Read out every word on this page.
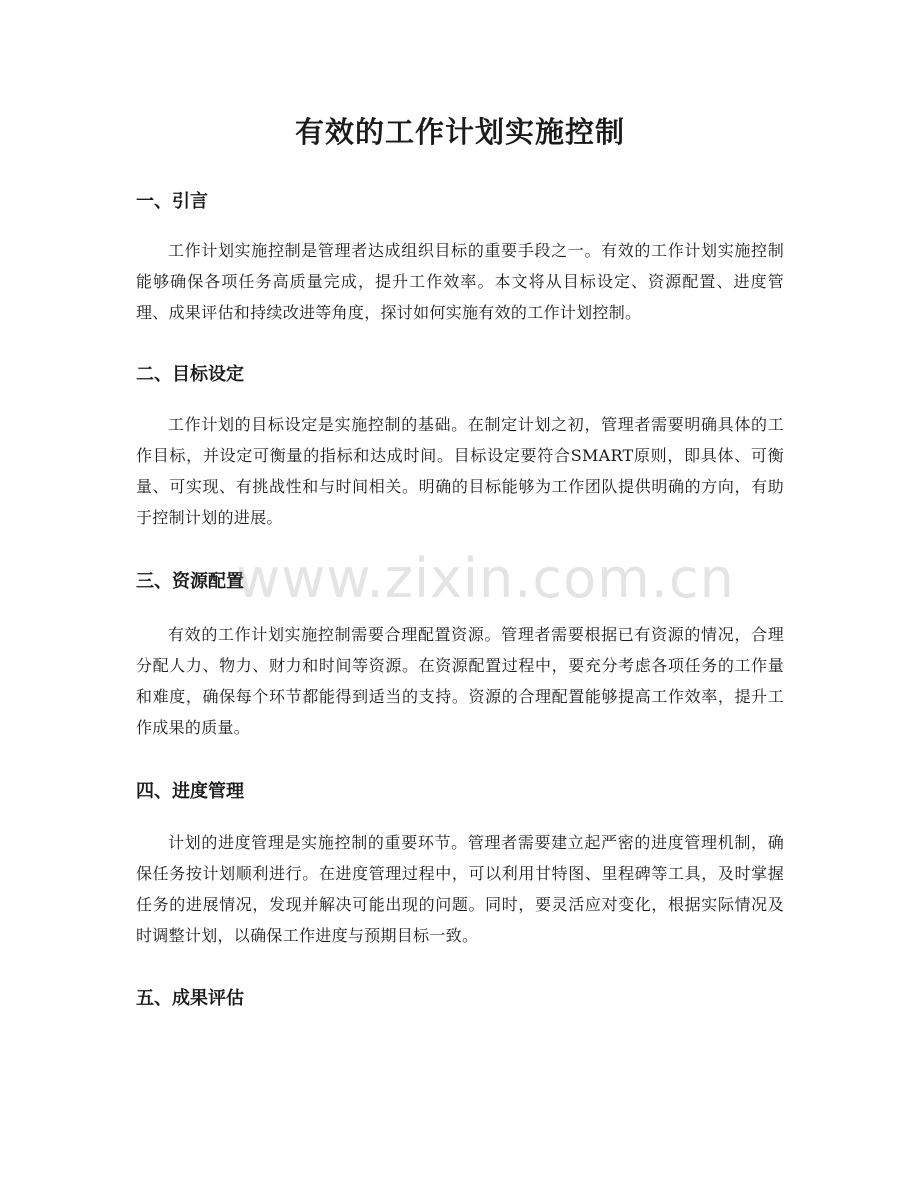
有效的工作计划实施控制
一、引言

工作计划实施控制是管理者达成组织目标的重要手段之一。有效的工作计划实施控制能够确保各项任务高质量完成，提升工作效率。本文将从目标设定、资源配置、进度管理、成果评估和持续改进等角度，探讨如何实施有效的工作计划控制。

二、目标设定

工作计划的目标设定是实施控制的基础。在制定计划之初，管理者需要明确具体的工作目标，并设定可衡量的指标和达成时间。目标设定要符合SMART原则，即具体、可衡量、可实现、有挑战性和与时间相关。明确的目标能够为工作团队提供明确的方向，有助于控制计划的进展。

三、资源配置

有效的工作计划实施控制需要合理配置资源。管理者需要根据已有资源的情况，合理分配人力、物力、财力和时间等资源。在资源配置过程中，要充分考虑各项任务的工作量和难度，确保每个环节都能得到适当的支持。资源的合理配置能够提高工作效率，提升工作成果的质量。

四、进度管理

计划的进度管理是实施控制的重要环节。管理者需要建立起严密的进度管理机制，确保任务按计划顺利进行。在进度管理过程中，可以利用甘特图、里程碑等工具，及时掌握任务的进展情况，发现并解决可能出现的问题。同时，要灵活应对变化，根据实际情况及时调整计划，以确保工作进度与预期目标一致。

五、成果评估
www.zixin.com.cn
